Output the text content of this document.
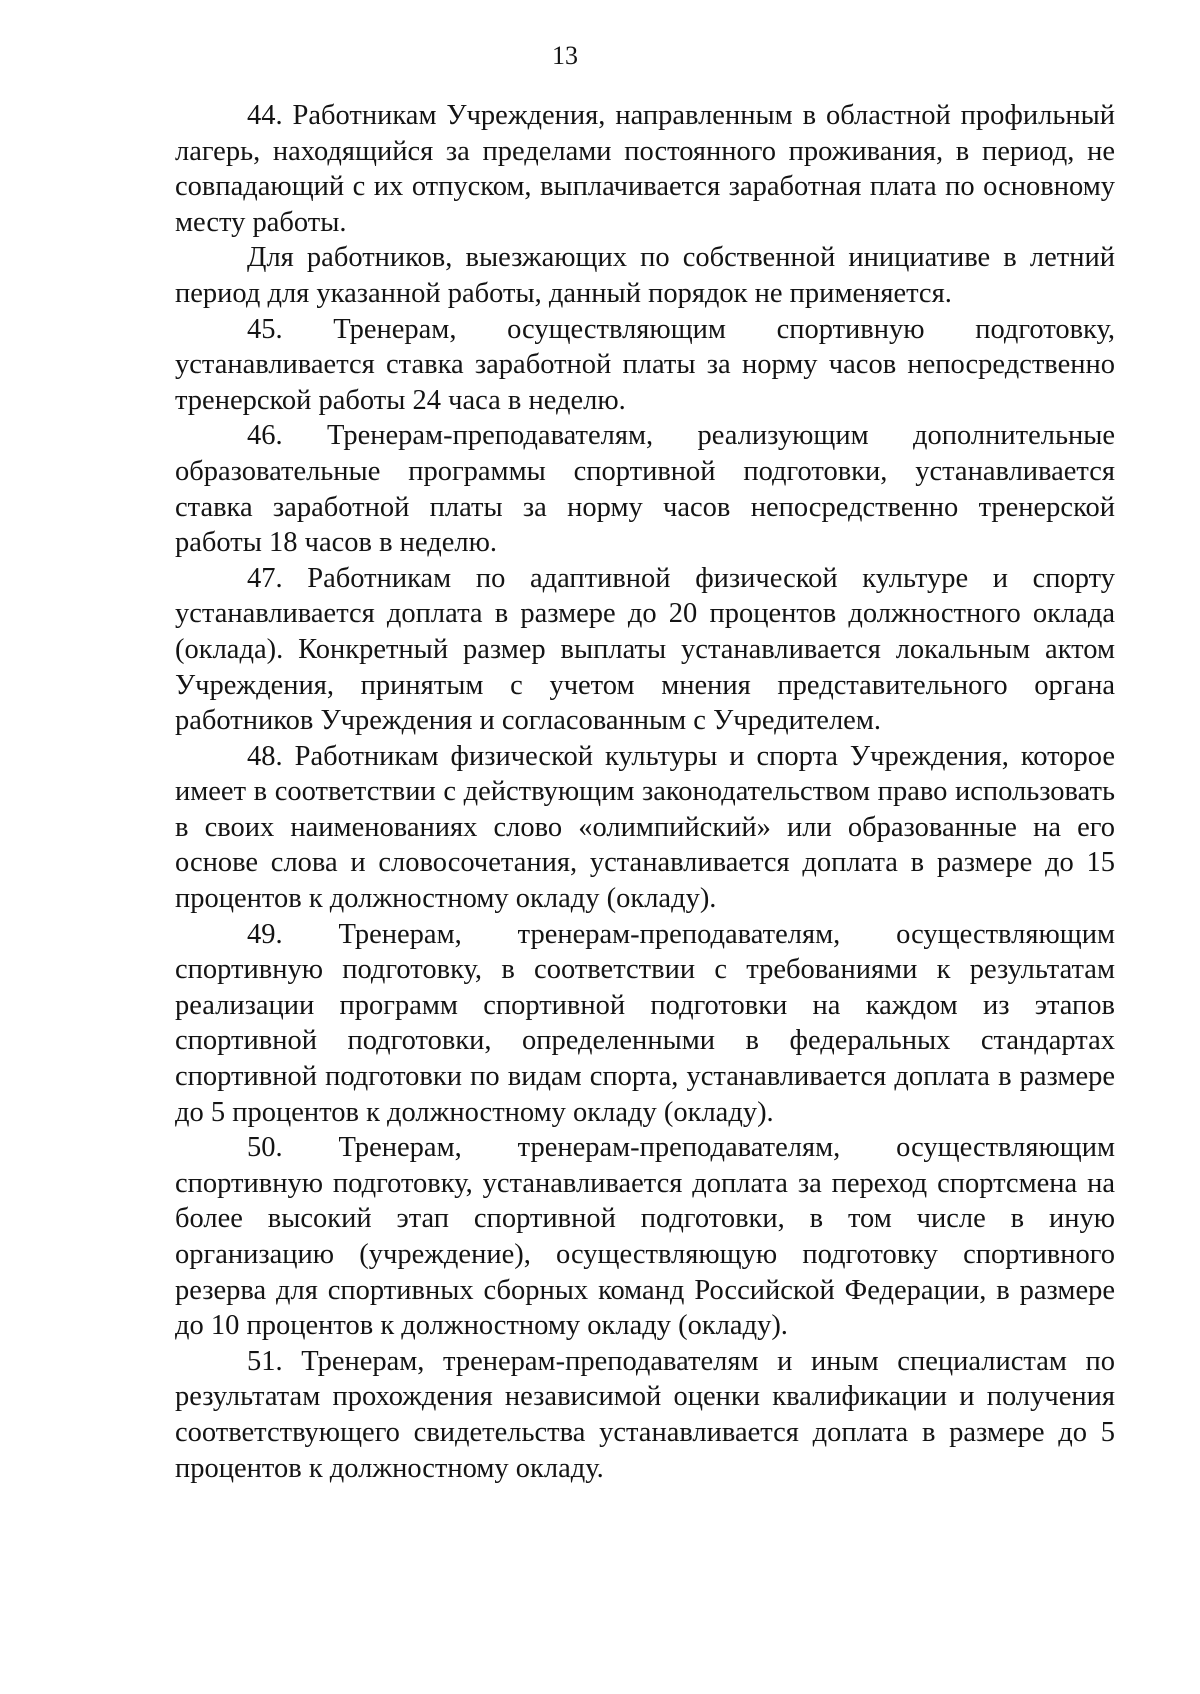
13

44. Работникам Учреждения, направленным в областной профильный лагерь, находящийся за пределами постоянного проживания, в период, не совпадающий с их отпуском, выплачивается заработная плата по основному месту работы.

Для работников, выезжающих по собственной инициативе в летний период для указанной работы, данный порядок не применяется.

45. Тренерам, осуществляющим спортивную подготовку, устанавливается ставка заработной платы за норму часов непосредственно тренерской работы 24 часа в неделю.

46. Тренерам-преподавателям, реализующим дополнительные образовательные программы спортивной подготовки, устанавливается ставка заработной платы за норму часов непосредственно тренерской работы 18 часов в неделю.

47. Работникам по адаптивной физической культуре и спорту устанавливается доплата в размере до 20 процентов должностного оклада (оклада). Конкретный размер выплаты устанавливается локальным актом Учреждения, принятым с учетом мнения представительного органа работников Учреждения и согласованным с Учредителем.

48. Работникам физической культуры и спорта Учреждения, которое имеет в соответствии с действующим законодательством право использовать в своих наименованиях слово «олимпийский» или образованные на его основе слова и словосочетания, устанавливается доплата в размере до 15 процентов к должностному окладу (окладу).

49. Тренерам, тренерам-преподавателям, осуществляющим спортивную подготовку, в соответствии с требованиями к результатам реализации программ спортивной подготовки на каждом из этапов спортивной подготовки, определенными в федеральных стандартах спортивной подготовки по видам спорта, устанавливается доплата в размере до 5 процентов к должностному окладу (окладу).

50. Тренерам, тренерам-преподавателям, осуществляющим спортивную подготовку, устанавливается доплата за переход спортсмена на более высокий этап спортивной подготовки, в том числе в иную организацию (учреждение), осуществляющую подготовку спортивного резерва для спортивных сборных команд Российской Федерации, в размере до 10 процентов к должностному окладу (окладу).

51. Тренерам, тренерам-преподавателям и иным специалистам по результатам прохождения независимой оценки квалификации и получения соответствующего свидетельства устанавливается доплата в размере до 5 процентов к должностному окладу.
